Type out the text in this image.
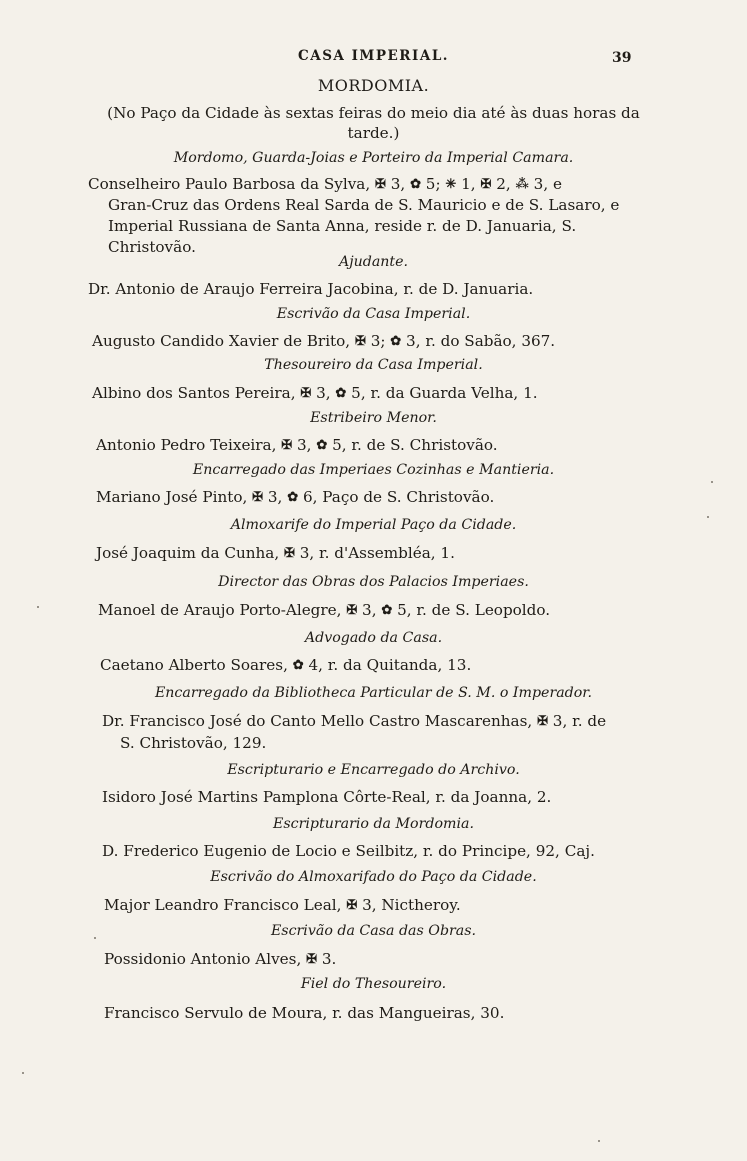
CASA IMPERIAL.	39
MORDOMIA.
(No Paço da Cidade às sextas feiras do meio dia até às duas horas da
tarde.)
Mordomo, Guarda-Joias e Porteiro da Imperial Camara.
Conselheiro Paulo Barbosa da Sylva, ✠ 3, ✿ 5; ✳ 1, ✠ 2, ⁂ 3, e
Gran-Cruz das Ordens Real Sarda de S. Mauricio e de S. Lasaro, e
Imperial Russiana de Santa Anna, reside r. de D. Januaria, S.
Christovão.
Ajudante.
Dr. Antonio de Araujo Ferreira Jacobina, r. de D. Januaria.
Escrivão da Casa Imperial.
Augusto Candido Xavier de Brito, ✠ 3; ✿ 3, r. do Sabão, 367.
Thesoureiro da Casa Imperial.
Albino dos Santos Pereira, ✠ 3, ✿ 5, r. da Guarda Velha, 1.
Estribeiro Menor.
Antonio Pedro Teixeira, ✠ 3, ✿ 5, r. de S. Christovão.
Encarregado das Imperiaes Cozinhas e Mantieria.
Mariano José Pinto, ✠ 3, ✿ 6, Paço de S. Christovão.
Almoxarife do Imperial Paço da Cidade.
José Joaquim da Cunha, ✠ 3, r. d'Assembléa, 1.
Director das Obras dos Palacios Imperiaes.
Manoel de Araujo Porto-Alegre, ✠ 3, ✿ 5, r. de S. Leopoldo.
Advogado da Casa.
Caetano Alberto Soares, ✿ 4, r. da Quitanda, 13.
Encarregado da Bibliotheca Particular de S. M. o Imperador.
Dr. Francisco José do Canto Mello Castro Mascarenhas, ✠ 3, r. de
S. Christovão, 129.
Escripturario e Encarregado do Archivo.
Isidoro José Martins Pamplona Côrte-Real, r. da Joanna, 2.
Escripturario da Mordomia.
D. Frederico Eugenio de Locio e Seilbitz, r. do Principe, 92, Caj.
Escrivão do Almoxarifado do Paço da Cidade.
Major Leandro Francisco Leal, ✠ 3, Nictheroy.
Escrivão da Casa das Obras.
Possidonio Antonio Alves, ✠ 3.
Fiel do Thesoureiro.
Francisco Servulo de Moura, r. das Mangueiras, 30.
